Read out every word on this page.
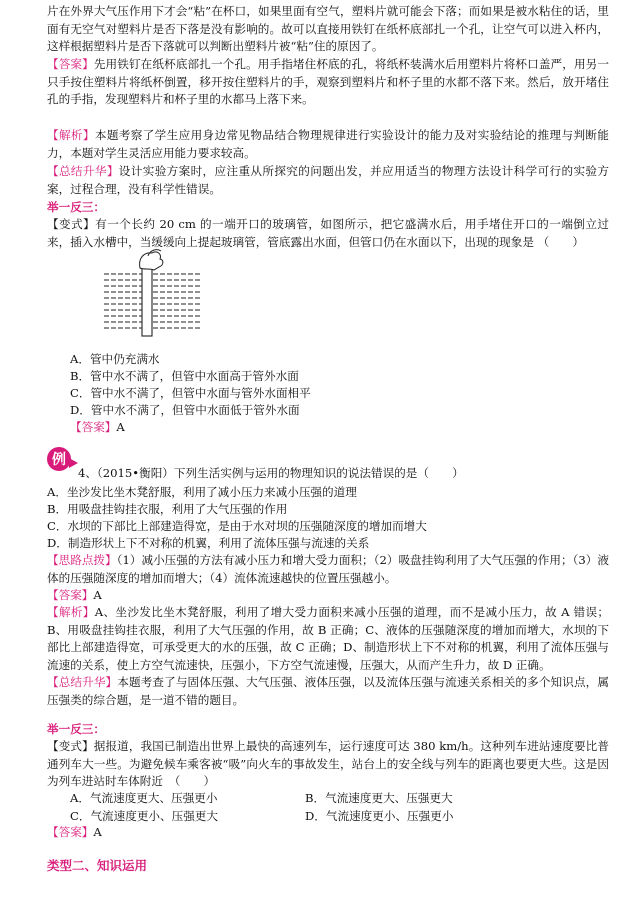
片在外界大气压作用下才会“粘”在杯口，如果里面有空气，塑料片就可能会下落；而如果是被水粘住的话，里面有无空气对塑料片是否下落是没有影响的。故可以直接用铁钉在纸杯底部扎一个孔，让空气可以进入杯内，这样根据塑料片是否下落就可以判断出塑料片被“粘”住的原因了。

【答案】先用铁钉在纸杯底部扎一个孔。用手指堵住杯底的孔，将纸杯装满水后用塑料片将杯口盖严，用另一只手按住塑料片将纸杯倒置，移开按住塑料片的手，观察到塑料片和杯子里的水都不落下来。然后，放开堵住孔的手指，发现塑料片和杯子里的水都马上落下来。

【解析】本题考察了学生应用身边常见物品结合物理规律进行实验设计的能力及对实验结论的推理与判断能力，本题对学生灵活应用能力要求较高。

【总结升华】设计实验方案时，应注重从所探究的问题出发，并应用适当的物理方法设计科学可行的实验方案，过程合理，没有科学性错误。

举一反三：

【变式】有一个长约 20 cm 的一端开口的玻璃管，如图所示，把它盛满水后，用手堵住开口的一端倒立过来，插入水槽中，当缓缓向上提起玻璃管，管底露出水面，但管口仍在水面以下，出现的现象是 （　　）

A．管中仍充满水

B．管中水不满了，但管中水面高于管外水面

C．管中水不满了，但管中水面与管外水面相平

D．管中水不满了，但管中水面低于管外水面

【答案】A

例

4、（2015•衡阳）下列生活实例与运用的物理知识的说法错误的是（　　）

A．坐沙发比坐木凳舒服，利用了减小压力来减小压强的道理

B．用吸盘挂钩挂衣服，利用了大气压强的作用

C．水坝的下部比上部建造得宽，是由于水对坝的压强随深度的增加而增大

D．制造形状上下不对称的机翼，利用了流体压强与流速的关系

【思路点拨】（1）减小压强的方法有减小压力和增大受力面积；（2）吸盘挂钩利用了大气压强的作用；（3）液体的压强随深度的增加而增大；（4）流体流速越快的位置压强越小。

【答案】A

【解析】A、坐沙发比坐木凳舒服，利用了增大受力面积来减小压强的道理，而不是减小压力，故 A 错误；B、用吸盘挂钩挂衣服，利用了大气压强的作用，故 B 正确；C、液体的压强随深度的增加而增大，水坝的下部比上部建造得宽，可承受更大的水的压强，故 C 正确；D、制造形状上下不对称的机翼，利用了流体压强与流速的关系，使上方空气流速快，压强小，下方空气流速慢，压强大，从而产生升力，故 D 正确。

【总结升华】本题考查了与固体压强、大气压强、液体压强，以及流体压强与流速关系相关的多个知识点，属压强类的综合题，是一道不错的题目。

举一反三：

【变式】据报道，我国已制造出世界上最快的高速列车，运行速度可达 380 km/h。这种列车进站速度要比普通列车大一些。为避免候车乘客被“吸”向火车的事故发生，站台上的安全线与列车的距离也要更大些。这是因为列车进站时车体附近　（　　）

A．气流速度更大、压强更小	B．气流速度更大、压强更大
C．气流速度更小、压强更大	D．气流速度更小、压强更小

【答案】A

类型二、知识运用
